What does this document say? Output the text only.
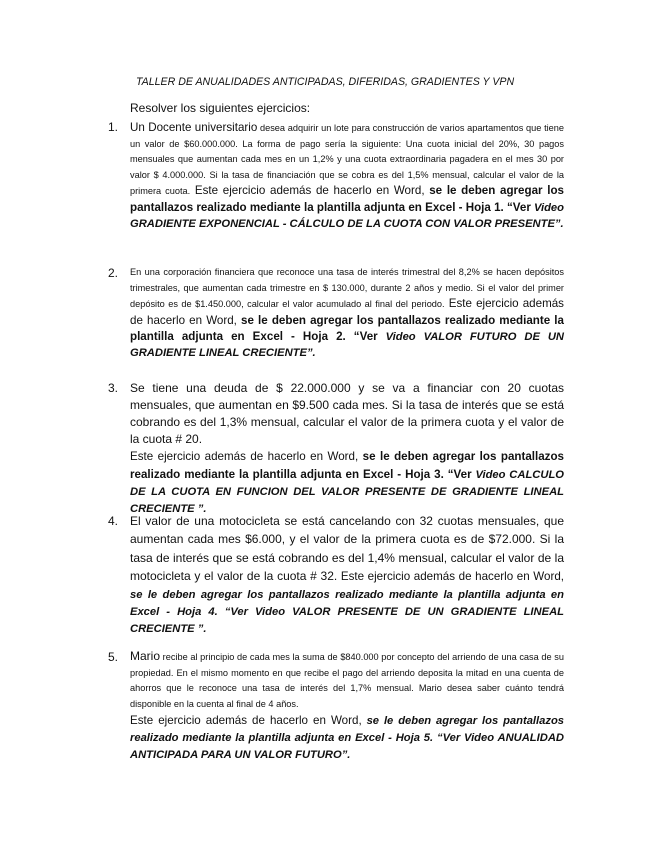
TALLER DE ANUALIDADES ANTICIPADAS, DIFERIDAS, GRADIENTES Y VPN
Resolver los siguientes ejercicios:
1. Un Docente universitario desea adquirir un lote para construcción de varios apartamentos que tiene un valor de $60.000.000. La forma de pago sería la siguiente: Una cuota inicial del 20%, 30 pagos mensuales que aumentan cada mes en un 1,2% y una cuota extraordinaria pagadera en el mes 30 por valor $ 4.000.000. Si la tasa de financiación que se cobra es del 1,5% mensual, calcular el valor de la primera cuota. Este ejercicio además de hacerlo en Word, se le deben agregar los pantallazos realizado mediante la plantilla adjunta en Excel - Hoja 1. “Ver Video GRADIENTE EXPONENCIAL - CÁLCULO DE LA CUOTA CON VALOR PRESENTE”.
2. En una corporación financiera que reconoce una tasa de interés trimestral del 8,2% se hacen depósitos trimestrales, que aumentan cada trimestre en $ 130.000, durante 2 años y medio. Si el valor del primer depósito es de $1.450.000, calcular el valor acumulado al final del periodo. Este ejercicio además de hacerlo en Word, se le deben agregar los pantallazos realizado mediante la plantilla adjunta en Excel - Hoja 2. “Ver Video VALOR FUTURO DE UN GRADIENTE LINEAL CRECIENTE”.
3. Se tiene una deuda de $ 22.000.000 y se va a financiar con 20 cuotas mensuales, que aumentan en $9.500 cada mes. Si la tasa de interés que se está cobrando es del 1,3% mensual, calcular el valor de la primera cuota y el valor de la cuota # 20.
Este ejercicio además de hacerlo en Word, se le deben agregar los pantallazos realizado mediante la plantilla adjunta en Excel - Hoja 3. “Ver Video CALCULO DE LA CUOTA EN FUNCION DEL VALOR PRESENTE DE GRADIENTE LINEAL CRECIENTE ”.
4. El valor de una motocicleta se está cancelando con 32 cuotas mensuales, que aumentan cada mes $6.000, y el valor de la primera cuota es de $72.000. Si la tasa de interés que se está cobrando es del 1,4% mensual, calcular el valor de la motocicleta y el valor de la cuota # 32. Este ejercicio además de hacerlo en Word, se le deben agregar los pantallazos realizado mediante la plantilla adjunta en Excel - Hoja 4. “Ver Video VALOR PRESENTE DE UN GRADIENTE LINEAL CRECIENTE ”.
5. Mario recibe al principio de cada mes la suma de $840.000 por concepto del arriendo de una casa de su propiedad. En el mismo momento en que recibe el pago del arriendo deposita la mitad en una cuenta de ahorros que le reconoce una tasa de interés del 1,7% mensual. Mario desea saber cuánto tendrá disponible en la cuenta al final de 4 años.
Este ejercicio además de hacerlo en Word, se le deben agregar los pantallazos realizado mediante la plantilla adjunta en Excel - Hoja 5. “Ver Video ANUALIDAD ANTICIPADA PARA UN VALOR FUTURO”.
